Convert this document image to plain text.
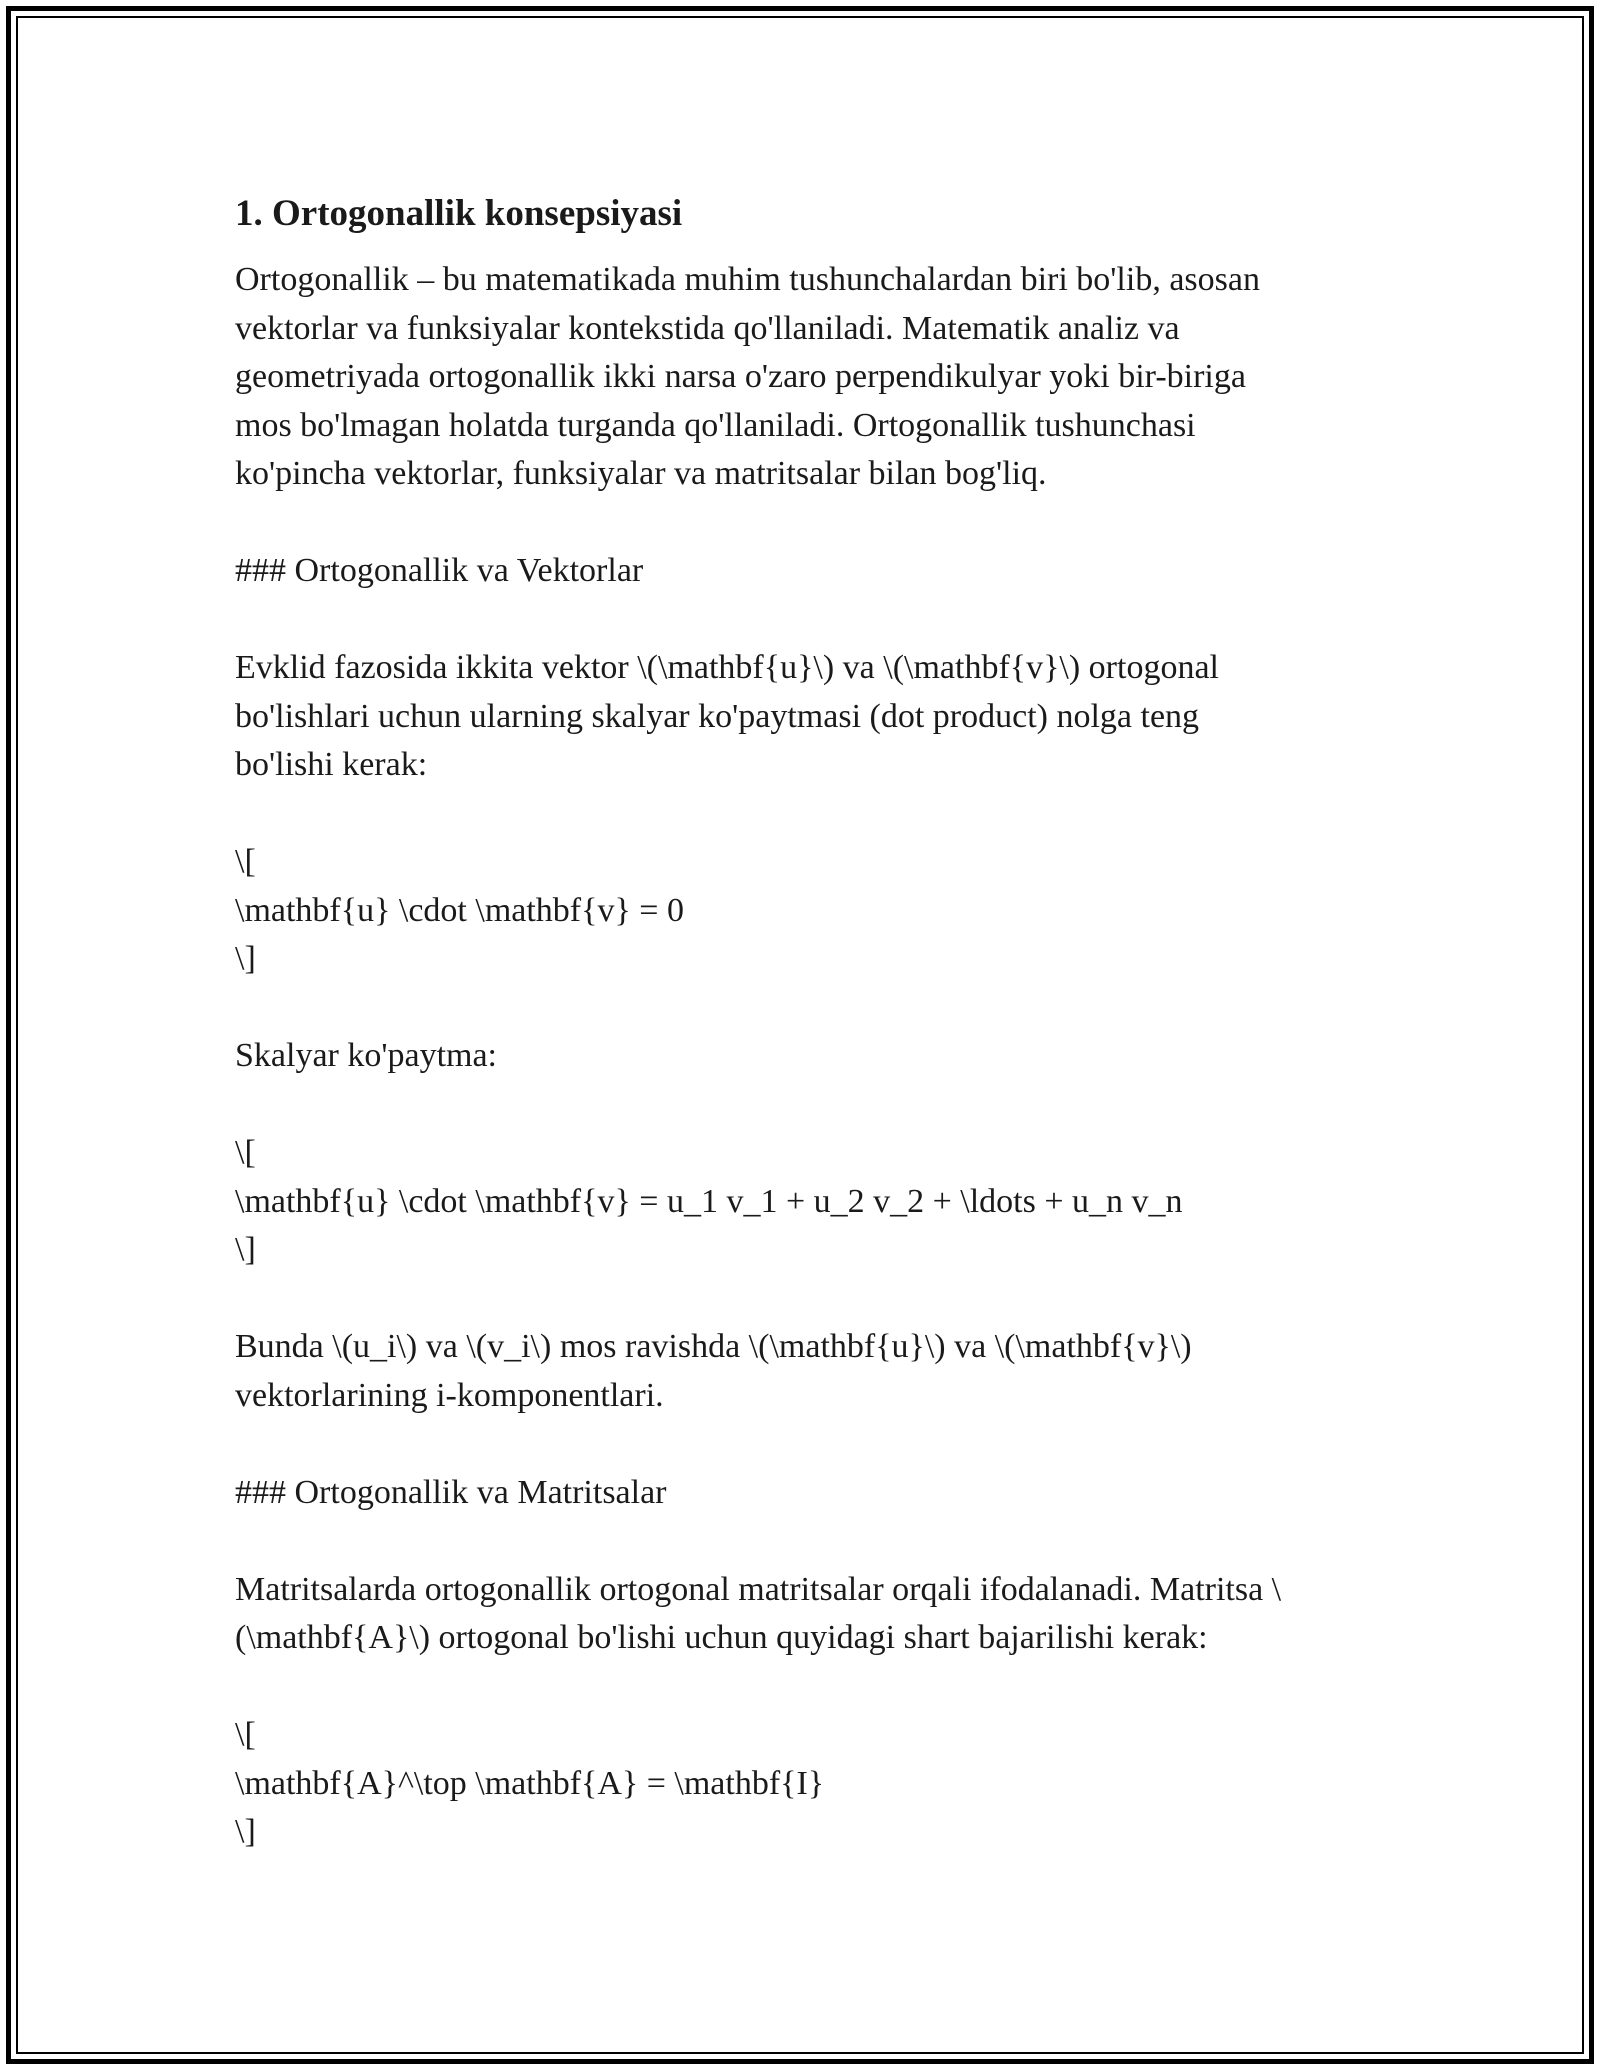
1. Ortogonallik konsepsiyasi

Ortogonallik – bu matematikada muhim tushunchalardan biri bo'lib, asosan
vektorlar va funksiyalar kontekstida qo'llaniladi. Matematik analiz va
geometriyada ortogonallik ikki narsa o'zaro perpendikulyar yoki bir-biriga
mos bo'lmagan holatda turganda qo'llaniladi. Ortogonallik tushunchasi
ko'pincha vektorlar, funksiyalar va matritsalar bilan bog'liq.

### Ortogonallik va Vektorlar

Evklid fazosida ikkita vektor \(\mathbf{u}\) va \(\mathbf{v}\) ortogonal
bo'lishlari uchun ularning skalyar ko'paytmasi (dot product) nolga teng
bo'lishi kerak:

\[
\mathbf{u} \cdot \mathbf{v} = 0
\]

Skalyar ko'paytma:

\[
\mathbf{u} \cdot \mathbf{v} = u_1 v_1 + u_2 v_2 + \ldots + u_n v_n
\]

Bunda \(u_i\) va \(v_i\) mos ravishda \(\mathbf{u}\) va \(\mathbf{v}\)
vektorlarining i-komponentlari.

### Ortogonallik va Matritsalar

Matritsalarda ortogonallik ortogonal matritsalar orqali ifodalanadi. Matritsa \
(\mathbf{A}\) ortogonal bo'lishi uchun quyidagi shart bajarilishi kerak:

\[
\mathbf{A}^\top \mathbf{A} = \mathbf{I}
\]
